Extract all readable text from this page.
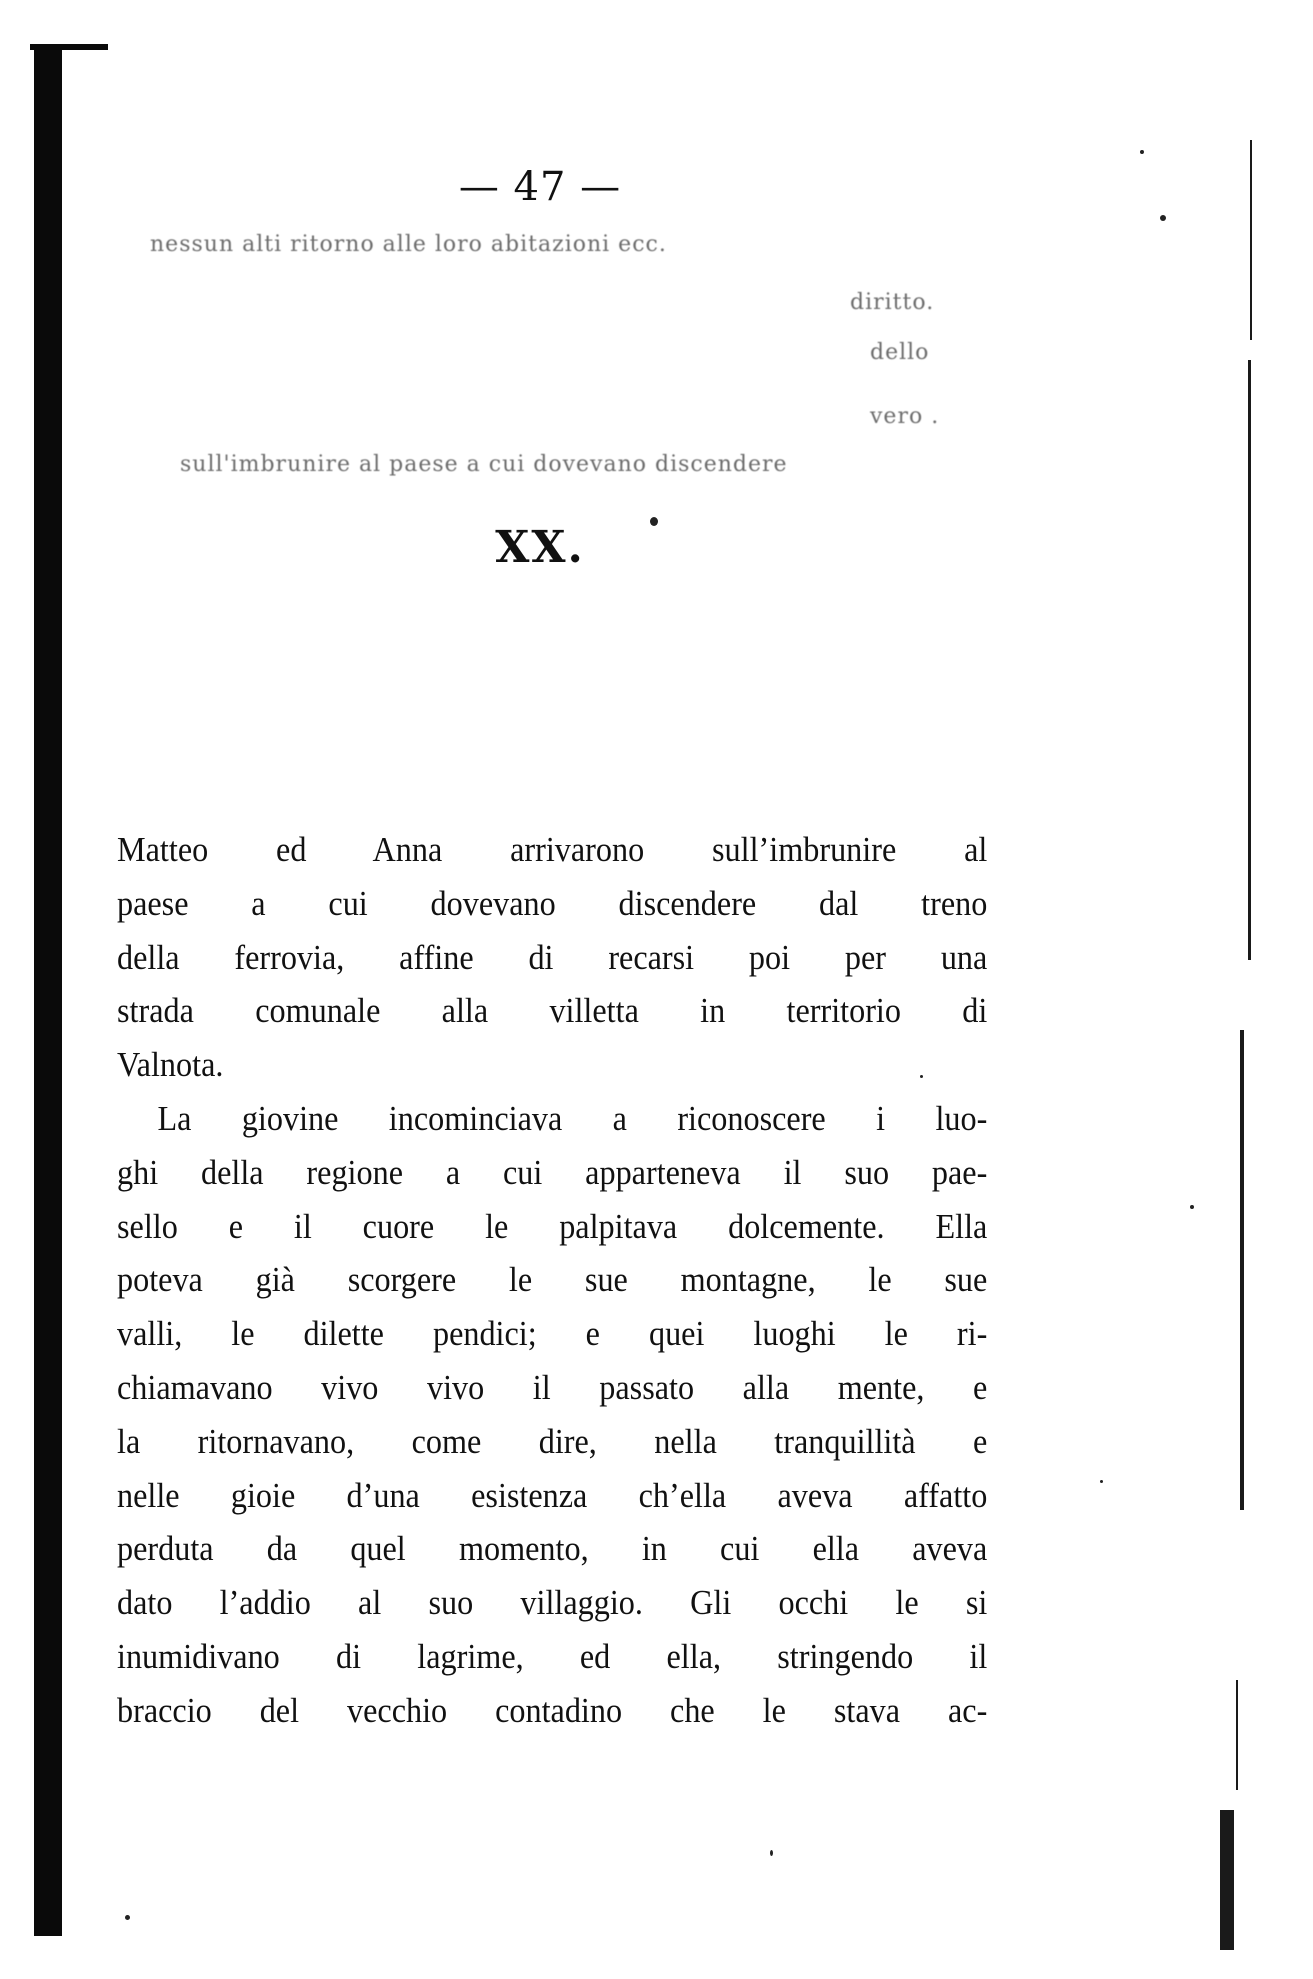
— 47 —
nessun alti ritorno alle loro abitazioni ecc.
diritto.
dello
vero .
sull'imbrunire al paese a cui dovevano discendere
XX.
Matteo ed Anna arrivarono sull’imbrunire al
paese a cui dovevano discendere dal treno
della ferrovia, affine di recarsi poi per una
strada comunale alla villetta in territorio di
Valnota.
La giovine incominciava a riconoscere i luo-
ghi della regione a cui apparteneva il suo pae-
sello e il cuore le palpitava dolcemente. Ella
poteva già scorgere le sue montagne, le sue
valli, le dilette pendici; e quei luoghi le ri-
chiamavano vivo vivo il passato alla mente, e
la ritornavano, come dire, nella tranquillità e
nelle gioie d’una esistenza ch’ella aveva affatto
perduta da quel momento, in cui ella aveva
dato l’addio al suo villaggio. Gli occhi le si
inumidivano di lagrime, ed ella, stringendo il
braccio del vecchio contadino che le stava ac-
